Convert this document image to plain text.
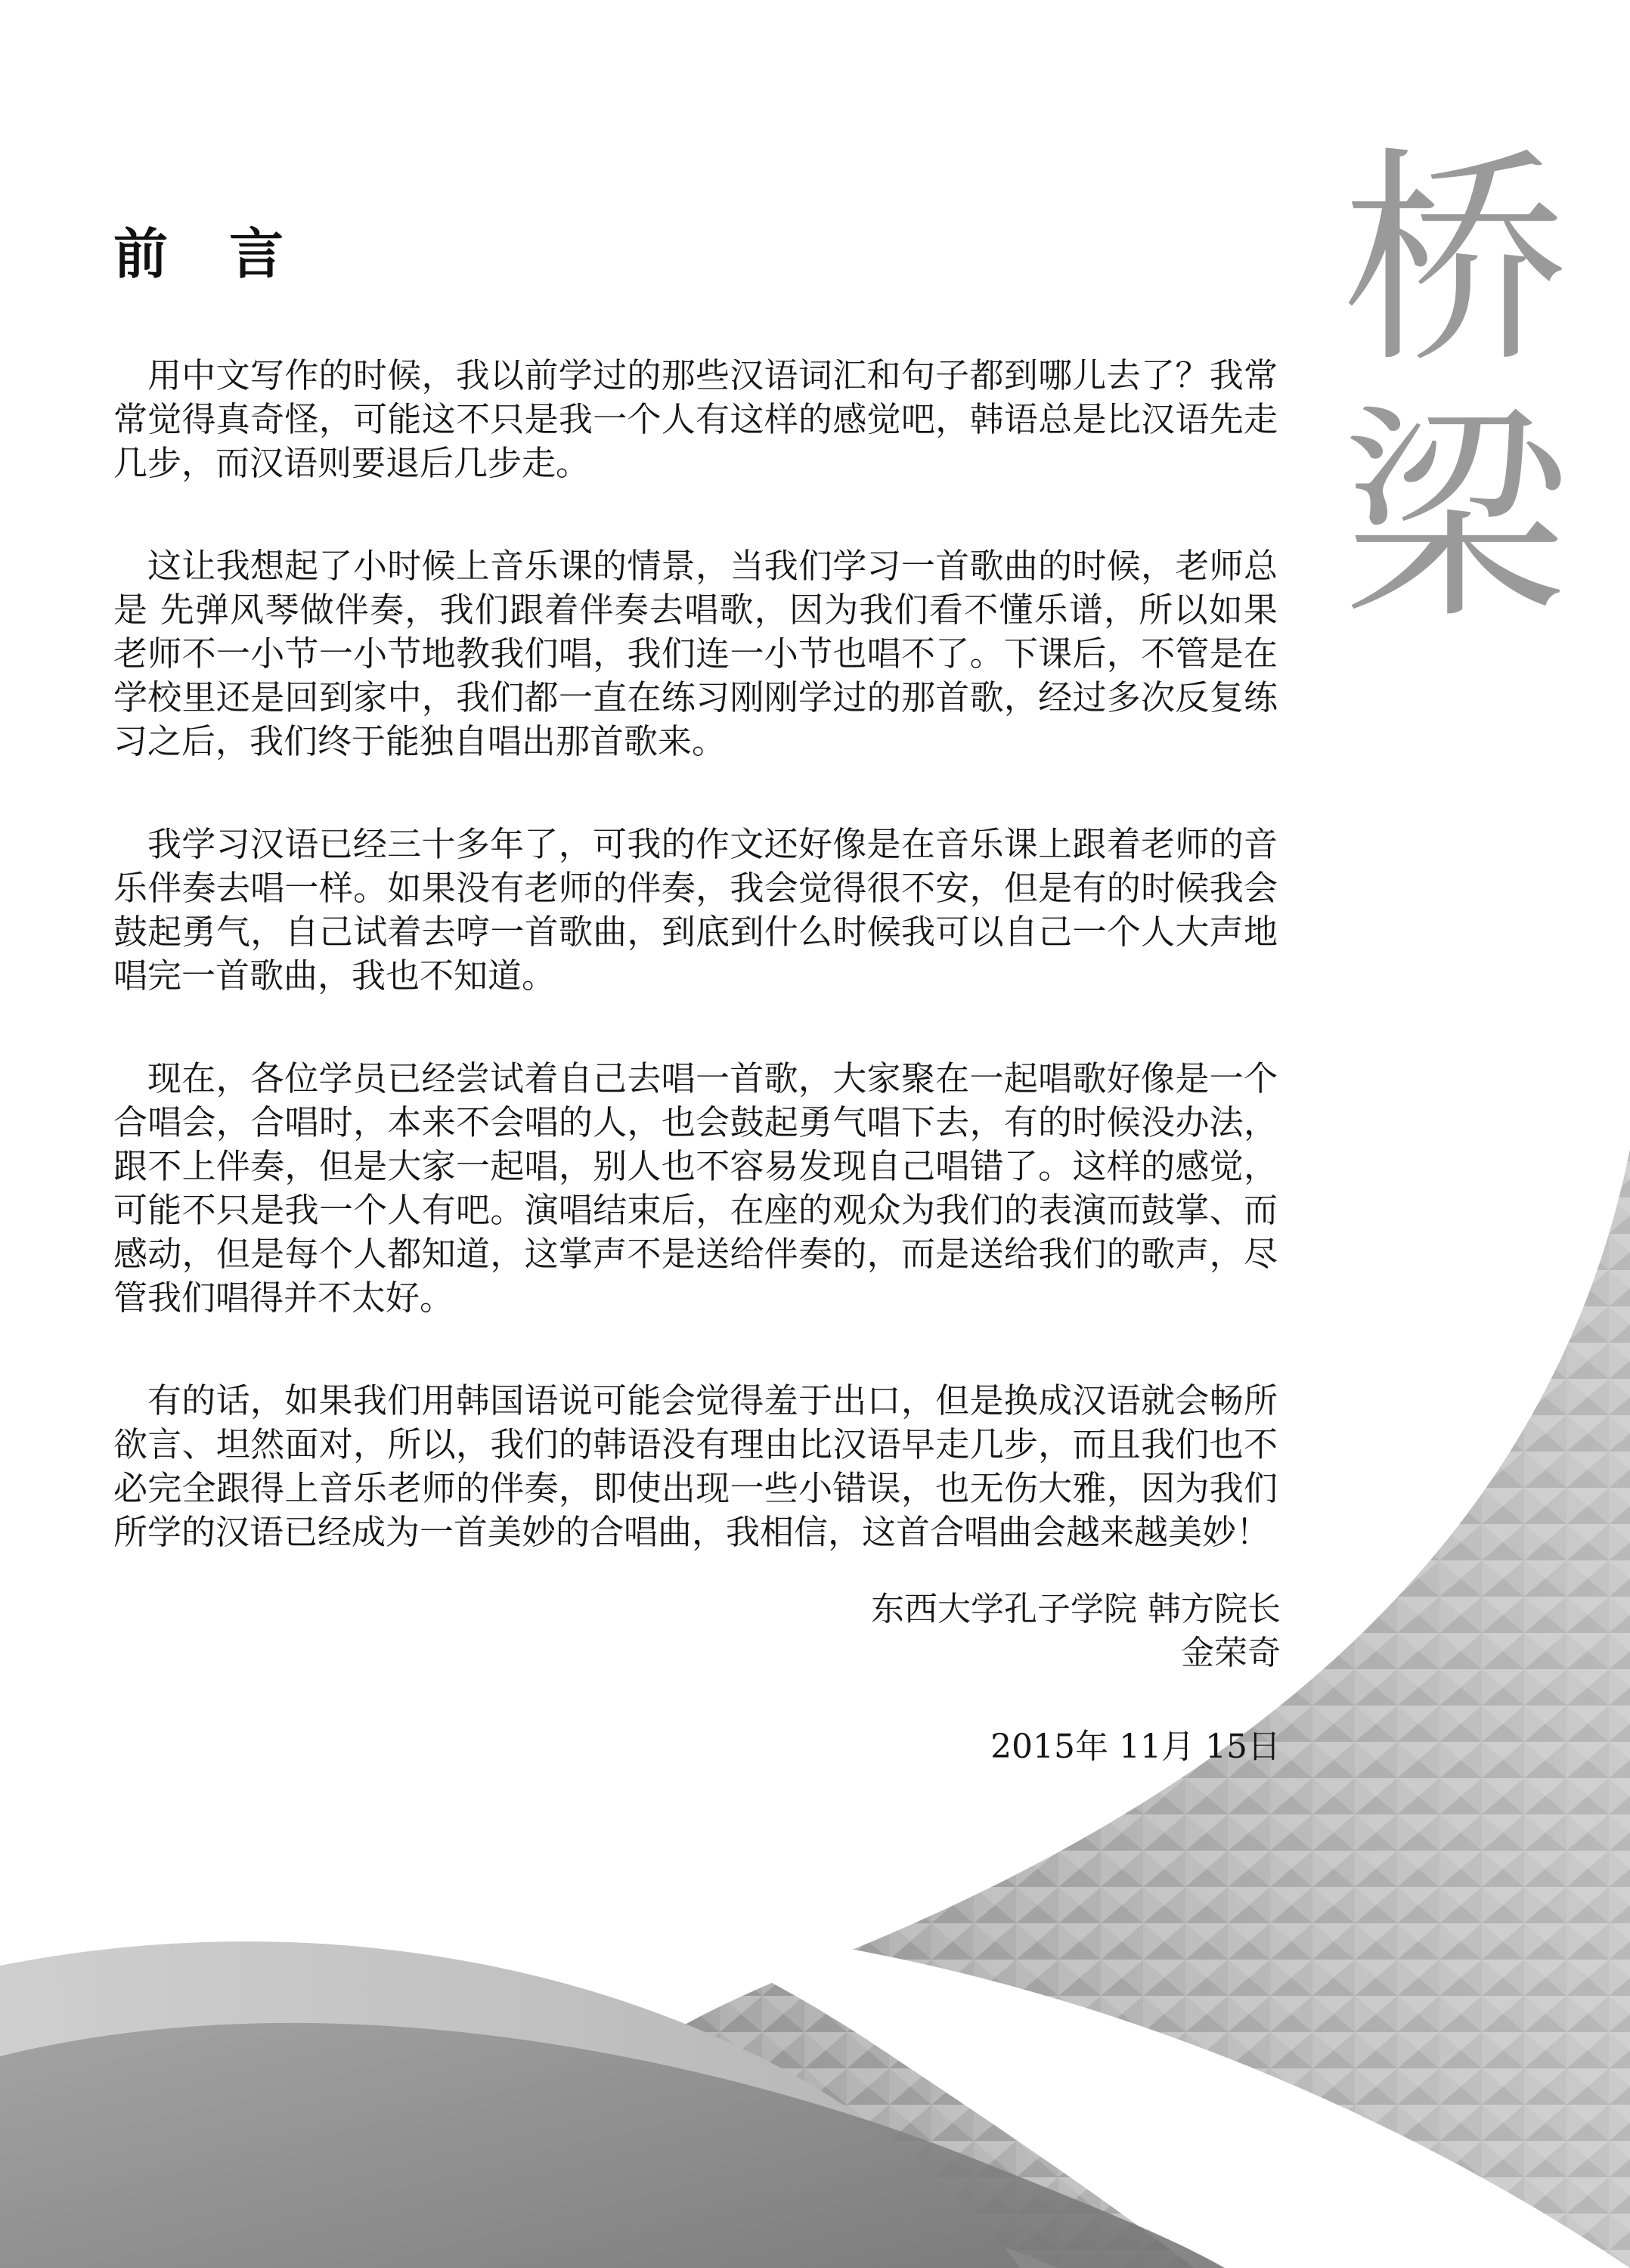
前 言	桥
梁

用中文写作的时候，我以前学过的那些汉语词汇和句子都到哪儿去了？我常常觉得真奇怪，可能这不只是我一个人有这样的感觉吧，韩语总是比汉语先走几步，而汉语则要退后几步走。

这让我想起了小时候上音乐课的情景，当我们学习一首歌曲的时候，老师总是 先弹风琴做伴奏，我们跟着伴奏去唱歌，因为我们看不懂乐谱，所以如果老师不一小节一小节地教我们唱，我们连一小节也唱不了。下课后，不管是在学校里还是回到家中，我们都一直在练习刚刚学过的那首歌，经过多次反复练习之后，我们终于能独自唱出那首歌来。

我学习汉语已经三十多年了，可我的作文还好像是在音乐课上跟着老师的音乐伴奏去唱一样。如果没有老师的伴奏，我会觉得很不安，但是有的时候我会鼓起勇气，自己试着去哼一首歌曲，到底到什么时候我可以自己一个人大声地唱完一首歌曲，我也不知道。

现在，各位学员已经尝试着自己去唱一首歌，大家聚在一起唱歌好像是一个合唱会，合唱时，本来不会唱的人，也会鼓起勇气唱下去，有的时候没办法，跟不上伴奏，但是大家一起唱，别人也不容易发现自己唱错了。这样的感觉，可能不只是我一个人有吧。演唱结束后，在座的观众为我们的表演而鼓掌、而感动，但是每个人都知道，这掌声不是送给伴奏的，而是送给我们的歌声，尽管我们唱得并不太好。

有的话，如果我们用韩国语说可能会觉得羞于出口，但是换成汉语就会畅所欲言、坦然面对，所以，我们的韩语没有理由比汉语早走几步，而且我们也不必完全跟得上音乐老师的伴奏，即使出现一些小错误，也无伤大雅，因为我们所学的汉语已经成为一首美妙的合唱曲，我相信，这首合唱曲会越来越美妙！

东西大学孔子学院 韩方院长
金荣奇
2015年 11月 15日
